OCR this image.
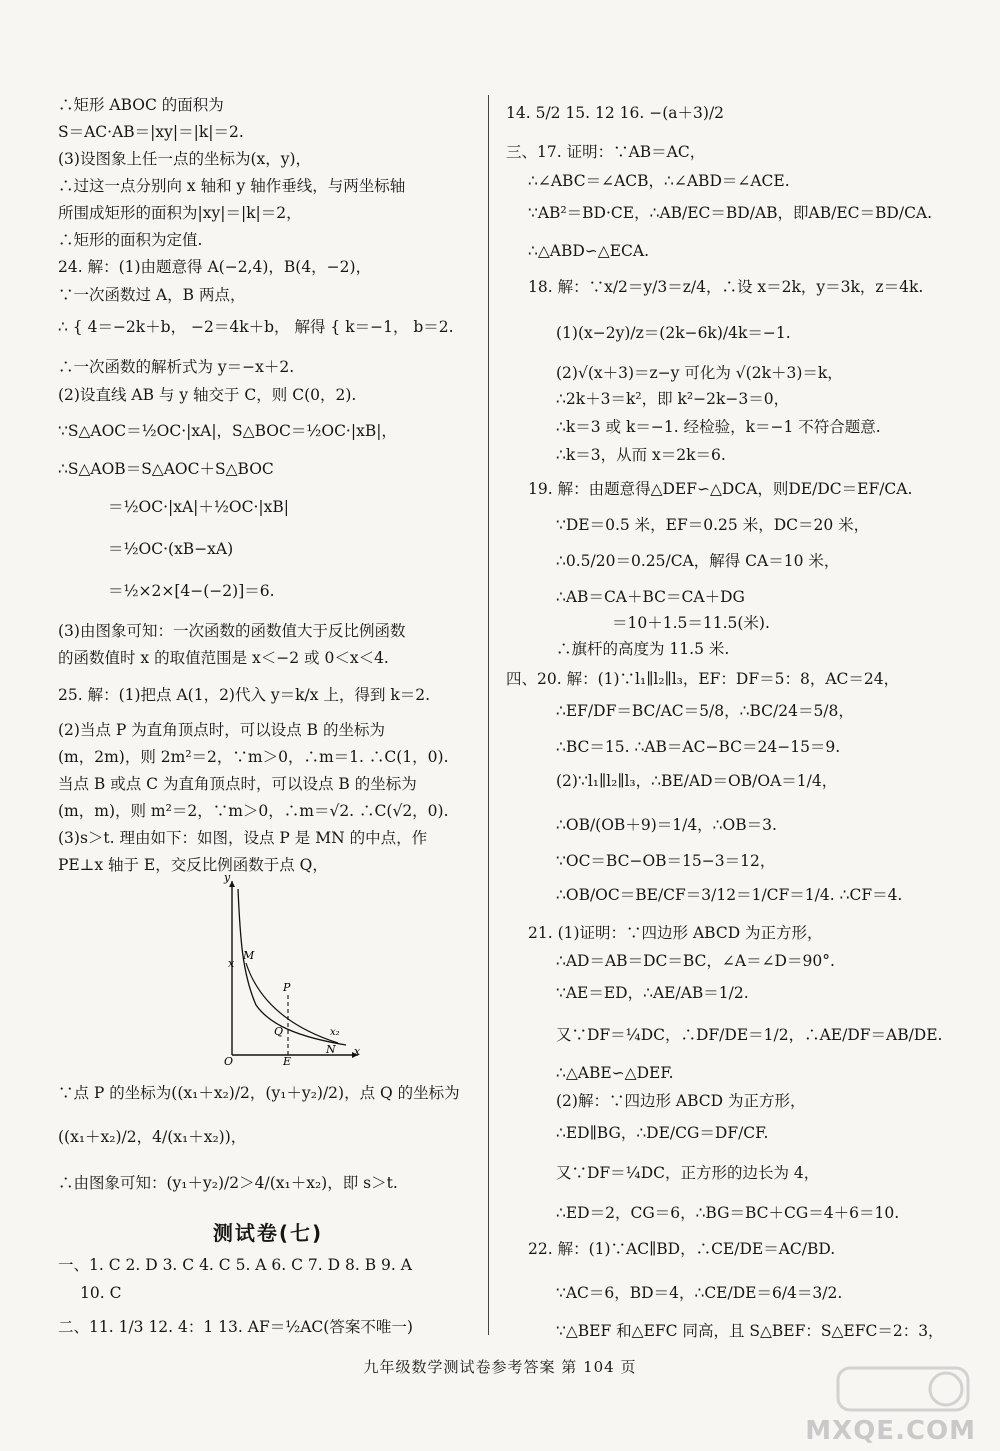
∴矩形 ABOC 的面积为
S＝AC·AB＝|xy|＝|k|＝2.
(3)设图象上任一点的坐标为(x，y)，
∴过这一点分别向 x 轴和 y 轴作垂线，与两坐标轴
所围成矩形的面积为|xy|＝|k|＝2，
∴矩形的面积为定值.
24. 解：(1)由题意得 A(−2,4)，B(4，−2)，
∵一次函数过 A，B 两点，
∴ { 4＝−2k＋b， −2＝4k＋b， 解得 { k＝−1， b＝2.
∴一次函数的解析式为 y＝−x＋2.
(2)设直线 AB 与 y 轴交于 C，则 C(0，2).
∵S△AOC＝½OC·|xA|，S△BOC＝½OC·|xB|，
∴S△AOB＝S△AOC＋S△BOC
＝½OC·|xA|＋½OC·|xB|
＝½OC·(xB−xA)
＝½×2×[4−(−2)]＝6.
(3)由图象可知：一次函数的函数值大于反比例函数
的函数值时 x 的取值范围是 x＜−2 或 0＜x＜4.
25. 解：(1)把点 A(1，2)代入 y＝k/x 上，得到 k＝2.
(2)当点 P 为直角顶点时，可以设点 B 的坐标为
(m，2m)，则 2m²＝2，∵m＞0，∴m＝1. ∴C(1，0).
当点 B 或点 C 为直角顶点时，可以设点 B 的坐标为
(m，m)，则 m²＝2，∵m＞0，∴m＝√2. ∴C(√2，0).
(3)s＞t. 理由如下：如图，设点 P 是 MN 的中点，作
PE⊥x 轴于 E，交反比例函数于点 Q，
y
x
O	E
M
x
P
Q	x₂
N
∵点 P 的坐标为((x₁＋x₂)/2，(y₁＋y₂)/2)，点 Q 的坐标为
((x₁＋x₂)/2，4/(x₁＋x₂))，
∴由图象可知：(y₁＋y₂)/2＞4/(x₁＋x₂)，即 s＞t.
测试卷(七)
一、1. C 2. D 3. C 4. C 5. A 6. C 7. D 8. B 9. A
10. C
二、11. 1/3 12. 4：1 13. AF＝½AC(答案不唯一)
14. 5/2 15. 12 16. −(a＋3)/2
三、17. 证明：∵AB＝AC，
∴∠ABC＝∠ACB，∴∠ABD＝∠ACE.
∵AB²＝BD·CE，∴AB/EC＝BD/AB，即AB/EC＝BD/CA.
∴△ABD∽△ECA.
18. 解：∵x/2＝y/3＝z/4，∴设 x＝2k，y＝3k，z＝4k.
(1)(x−2y)/z＝(2k−6k)/4k＝−1.
(2)√(x＋3)＝z−y 可化为 √(2k＋3)＝k，
∴2k＋3＝k²，即 k²−2k−3＝0，
∴k＝3 或 k＝−1. 经检验，k＝−1 不符合题意.
∴k＝3，从而 x＝2k＝6.
19. 解：由题意得△DEF∽△DCA，则DE/DC＝EF/CA.
∵DE＝0.5 米，EF＝0.25 米，DC＝20 米，
∴0.5/20＝0.25/CA，解得 CA＝10 米，
∴AB＝CA＋BC＝CA＋DG
＝10＋1.5＝11.5(米).
∴旗杆的高度为 11.5 米.
四、20. 解：(1)∵l₁∥l₂∥l₃，EF：DF＝5：8，AC＝24，
∴EF/DF＝BC/AC＝5/8，∴BC/24＝5/8，
∴BC＝15. ∴AB＝AC−BC＝24−15＝9.
(2)∵l₁∥l₂∥l₃，∴BE/AD＝OB/OA＝1/4，
∴OB/(OB＋9)＝1/4，∴OB＝3.
∵OC＝BC−OB＝15−3＝12，
∴OB/OC＝BE/CF＝3/12＝1/CF＝1/4. ∴CF＝4.
21. (1)证明：∵四边形 ABCD 为正方形，
∴AD＝AB＝DC＝BC，∠A＝∠D＝90°.
∵AE＝ED，∴AE/AB＝1/2.
又∵DF＝¼DC，∴DF/DE＝1/2，∴AE/DF＝AB/DE.
∴△ABE∽△DEF.
(2)解：∵四边形 ABCD 为正方形，
∴ED∥BG，∴DE/CG＝DF/CF.
又∵DF＝¼DC，正方形的边长为 4，
∴ED＝2，CG＝6，∴BG＝BC＋CG＝4＋6＝10.
22. 解：(1)∵AC∥BD，∴CE/DE＝AC/BD.
∵AC＝6，BD＝4，∴CE/DE＝6/4＝3/2.
∵△BEF 和△EFC 同高，且 S△BEF：S△EFC＝2：3，
九年级数学测试卷参考答案 第 104 页
MXQE.COM
